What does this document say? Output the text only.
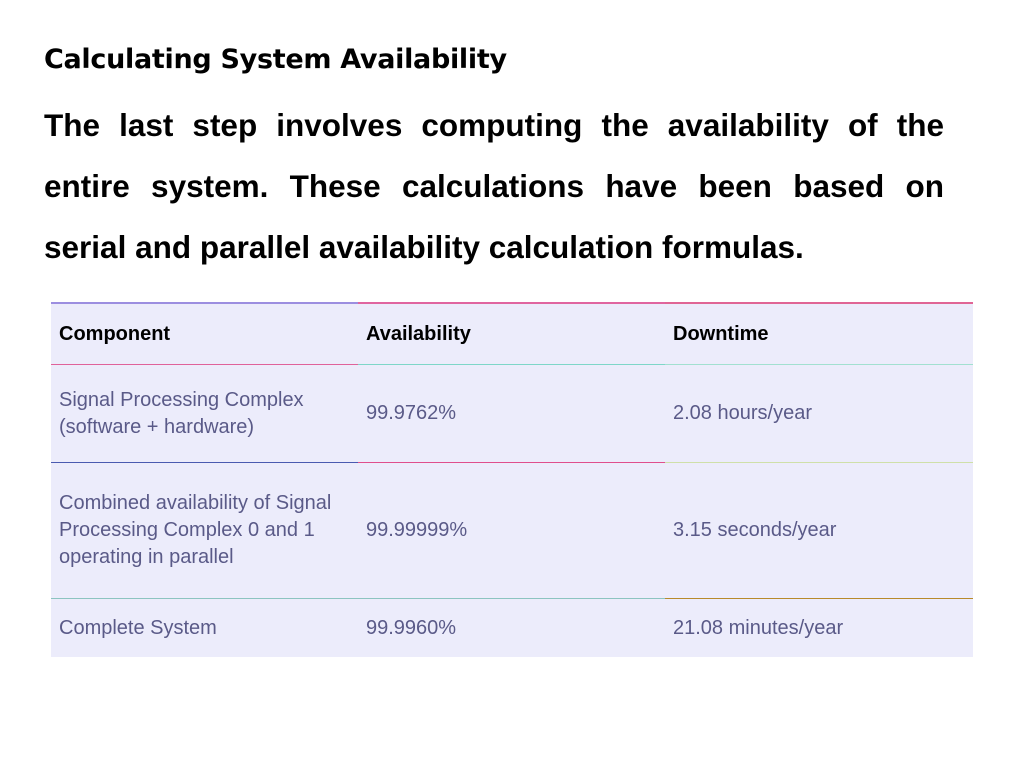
Calculating System Availability
The last step involves computing the availability of the entire system. These calculations have been based on serial and parallel availability calculation formulas.
Component	Availability	Downtime
Signal Processing Complex (software + hardware)	99.9762%	2.08 hours/year
Combined availability of Signal Processing Complex 0 and 1 operating in parallel	99.99999%	3.15 seconds/year
Complete System	99.9960%	21.08 minutes/year
